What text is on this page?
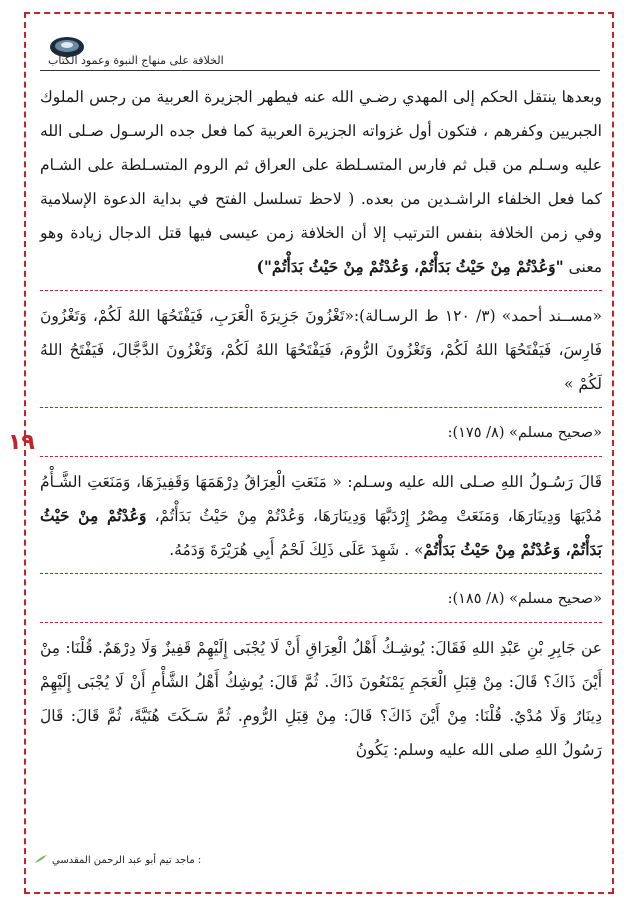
الخلافة على منهاج النبوة وعمود الكتاب
١٩

وبعدها ينتقل الحكم إلى المهدي رضـي الله عنه فيطهر الجزيرة العربية من رجس الملوك الجبريين وكفرهم ، فتكون أول غزواته الجزيرة العربية كما فعل جده الرسـول صـلى الله عليه وسـلم من قبل ثم فارس المتسـلطة على العراق ثم الروم المتسـلطة على الشـام كما فعل الخلفاء الراشـدين من بعده. ( لاحظ تسلسل الفتح في بداية الدعوة الإسلامية وفي زمن الخلافة بنفس الترتيب إلا أن الخلافة زمن عيسى فيها قتل الدجال زيادة وهو معنى "وَعُدْتُمْ مِنْ حَيْثُ بَدَأْتُمْ، وَعُدْتُمْ مِنْ حَيْثُ بَدَأْتُمْ")

«مســند أحمد» (٣/ ١٢٠ ط الرسـالة):«تَغْزُونَ جَزِيرَةَ الْعَرَبِ، فَيَفْتَحُهَا اللهُ لَكُمْ، وَتَغْزُونَ فَارِسَ، فَيَفْتَحُهَا اللهُ لَكُمْ، وَتَغْزُونَ الرُّومَ، فَيَفْتَحُهَا اللهُ لَكُمْ، وَتَغْزُونَ الدَّجَّالَ، فَيَفْتَحُ اللهُ لَكُمْ »

«صحيح مسلم» (٨/ ١٧٥):

قَالَ رَسُـولُ اللهِ صـلى الله عليه وسـلم: « مَنَعَتِ الْعِرَاقُ دِرْهَمَهَا وَقَفِيزَهَا، وَمَنَعَتِ الشَّـأْمُ مُدْيَهَا وَدِينَارَهَا، وَمَنَعَتْ مِصْرُ إِرْدَبَّهَا وَدِينَارَهَا، وَعُدْتُمْ مِنْ حَيْثُ بَدَأْتُمْ، وَعُدْتُمْ مِنْ حَيْثُ بَدَأْتُمْ، وَعُدْتُمْ مِنْ حَيْثُ بَدَأْتُمْ» . شَهِدَ عَلَى ذَلِكَ لَحْمُ أَبِي هُرَيْرَةَ وَدَمُهُ.

«صحيح مسلم» (٨/ ١٨٥):

عن جَابِرِ بْنِ عَبْدِ اللهِ فَقَالَ: يُوشِـكُ أَهْلُ الْعِرَاقِ أَنْ لَا يُجْبَى إِلَيْهِمْ قَفِيزٌ وَلَا دِرْهَمٌ. قُلْنَا: مِنْ أَيْنَ ذَاكَ؟ قَالَ: مِنْ قِبَلِ الْعَجَمِ يَمْنَعُونَ ذَاكَ. ثُمَّ قَالَ: يُوشِكُ أَهْلُ الشَّأْمِ أَنْ لَا يُجْبَى إِلَيْهِمْ دِينَارٌ وَلَا مُدْيٌ. قُلْنَا: مِنْ أَيْنَ ذَاكَ؟ قَالَ: مِنْ قِبَلِ الرُّومِ. ثُمَّ سَـكَتَ هُنَيَّةً، ثُمَّ قَالَ: قَالَ رَسُولُ اللهِ صلى الله عليه وسلم: يَكُونُ

: ماجد تيم أبو عبد الرحمن المقدسي
